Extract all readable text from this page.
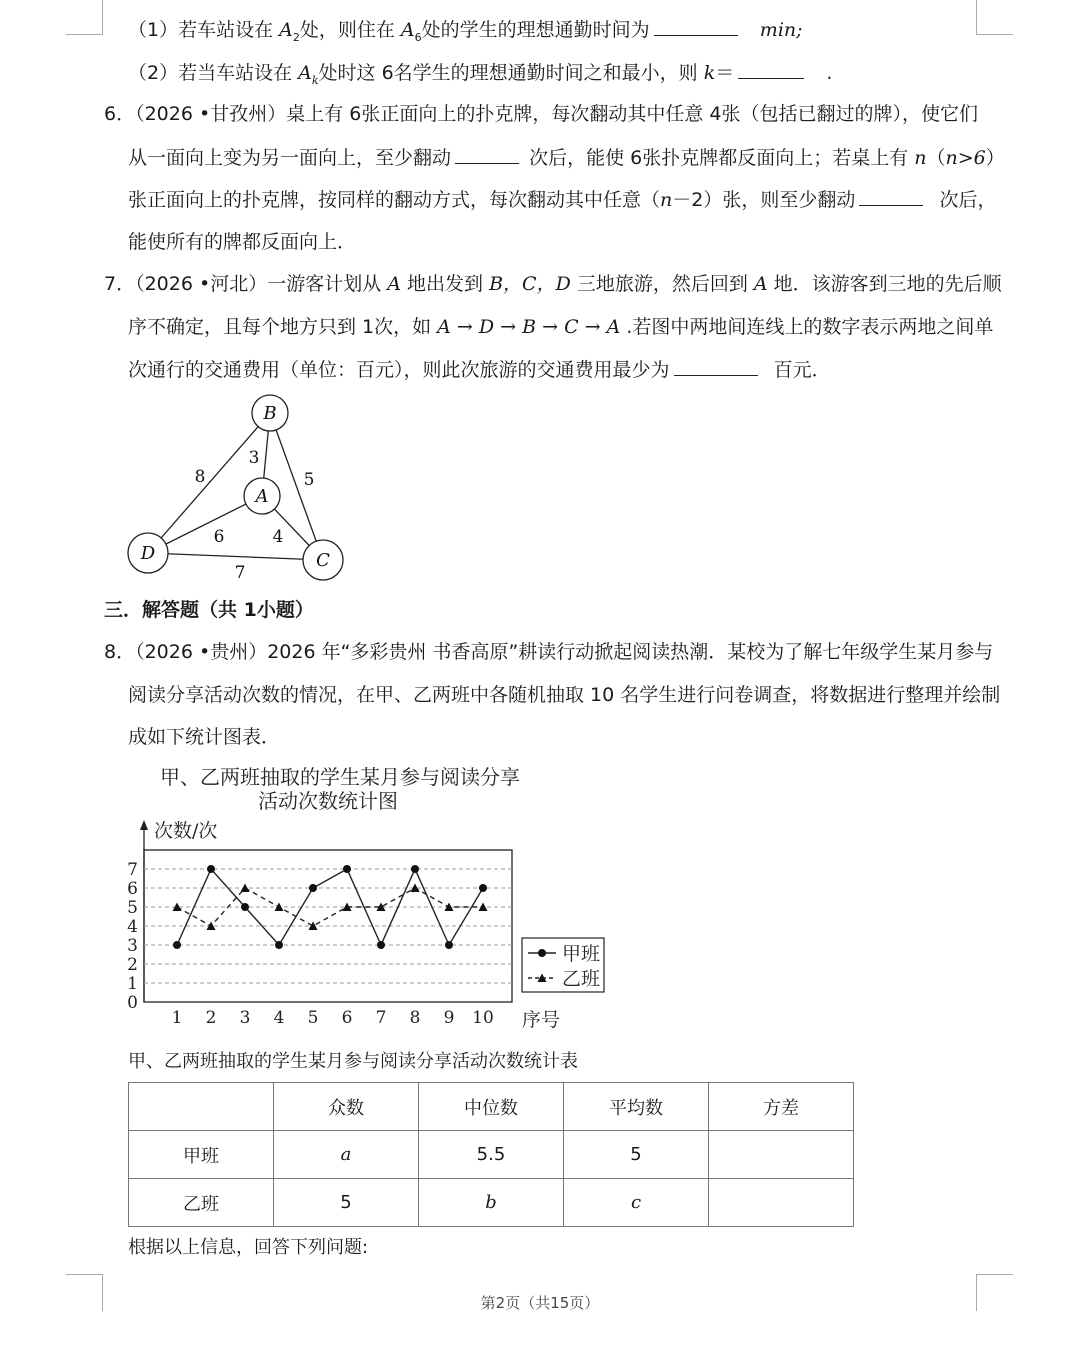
（1）若车站设在 $A_2$处，则住在 $A_6$处的学生的理想通勤时间为	min;
（2）若当车站设在 $A_k$处时这 6名学生的理想通勤时间之和最小，则 k＝	.
6．（2026 •甘孜州）桌上有 6张正面向上的扑克牌，每次翻动其中任意 4张（包括已翻过的牌），使它们
从一面向上变为另一面向上，至少翻动	次后，能使 6张扑克牌都反面向上；若桌上有 n（n>6）
张正面向上的扑克牌，按同样的翻动方式，每次翻动其中任意（n－2）张，则至少翻动	次后，
能使所有的牌都反面向上．
7．（2026 •河北）一游客计划从 A 地出发到 B，C，D 三地旅游，然后回到 A 地．该游客到三地的先后顺
序不确定，且每个地方只到 1次，如 A → D → B → C → A .若图中两地间连线上的数字表示两地之间单
次通行的交通费用（单位：百元），则此次旅游的交通费用最少为	百元．
B
A
D	C
8
3
5
6	4
7
三．解答题（共 1小题）
8．（2026 •贵州）2026 年“多彩贵州 书香高原”耕读行动掀起阅读热潮．某校为了解七年级学生某月参与
阅读分享活动次数的情况，在甲、乙两班中各随机抽取 10 名学生进行问卷调查，将数据进行整理并绘制
成如下统计图表．
甲、乙两班抽取的学生某月参与阅读分享
活动次数统计图
次数/次
序号
0
1
2
3
4
5
6
7
1 2 3 4 5 6 7 8 9 10
甲班
乙班
甲、乙两班抽取的学生某月参与阅读分享活动次数统计表
	众数	中位数	平均数	方差
甲班	a	5.5	5	
乙班	5	b	c	
根据以上信息，回答下列问题:
第2页（共15页）
